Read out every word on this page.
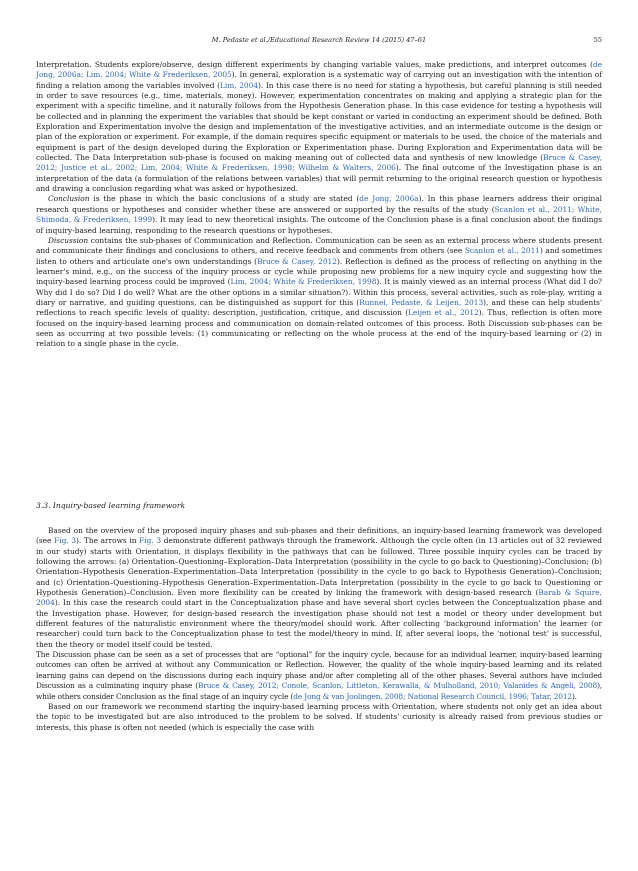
M. Pedaste et al./Educational Research Review 14 (2015) 47–61	55

Interpretation. Students explore/observe, design different experiments by changing variable values, make predictions, and interpret outcomes (de Jong, 2006a; Lim, 2004; White & Frederiksen, 2005). In general, exploration is a systematic way of carrying out an investigation with the intention of finding a relation among the variables involved (Lim, 2004). In this case there is no need for stating a hypothesis, but careful planning is still needed in order to save resources (e.g., time, materials, money). However, experimentation concentrates on making and applying a strategic plan for the experiment with a specific timeline, and it naturally follows from the Hypothesis Generation phase. In this case evidence for testing a hypothesis will be collected and in planning the experiment the variables that should be kept constant or varied in conducting an experiment should be defined. Both Exploration and Experimentation involve the design and implementation of the investigative activities, and an intermediate outcome is the design or plan of the exploration or experiment. For example, if the domain requires specific equipment or materials to be used, the choice of the materials and equipment is part of the design developed during the Exploration or Experimentation phase. During Exploration and Experimentation data will be collected. The Data Interpretation sub-phase is focused on making meaning out of collected data and synthesis of new knowledge (Bruce & Casey, 2012; Justice et al., 2002; Lim, 2004; White & Frederiksen, 1998; Wilhelm & Walters, 2006). The final outcome of the Investigation phase is an interpretation of the data (a formulation of the relations between variables) that will permit returning to the original research question or hypothesis and drawing a conclusion regarding what was asked or hypothesized.

Conclusion is the phase in which the basic conclusions of a study are stated (de Jong, 2006a). In this phase learners address their original research questions or hypotheses and consider whether these are answered or supported by the results of the study (Scanlon et al., 2011; White, Shimoda, & Frederiksen, 1999). It may lead to new theoretical insights. The outcome of the Conclusion phase is a final conclusion about the findings of inquiry-based learning, responding to the research questions or hypotheses.

Discussion contains the sub-phases of Communication and Reflection. Communication can be seen as an external process where students present and communicate their findings and conclusions to others, and receive feedback and comments from others (see Scanlon et al., 2011) and sometimes listen to others and articulate one's own understandings (Bruce & Casey, 2012). Reflection is defined as the process of reflecting on anything in the learner's mind, e.g., on the success of the inquiry process or cycle while proposing new problems for a new inquiry cycle and suggesting how the inquiry-based learning process could be improved (Lim, 2004; White & Frederiksen, 1998). It is mainly viewed as an internal process (What did I do? Why did I do so? Did I do well? What are the other options in a similar situation?). Within this process, several activities, such as role-play, writing a diary or narrative, and guiding questions, can be distinguished as support for this (Runnel, Pedaste, & Leijen, 2013), and these can help students' reflections to reach specific levels of quality: description, justification, critique, and discussion (Leijen et al., 2012). Thus, reflection is often more focused on the inquiry-based learning process and communication on domain-related outcomes of this process. Both Discussion sub-phases can be seen as occurring at two possible levels: (1) communicating or reflecting on the whole process at the end of the inquiry-based learning or (2) in relation to a single phase in the cycle.

3.3. Inquiry-based learning framework

Based on the overview of the proposed inquiry phases and sub-phases and their definitions, an inquiry-based learning framework was developed (see Fig. 3). The arrows in Fig. 3 demonstrate different pathways through the framework. Although the cycle often (in 13 articles out of 32 reviewed in our study) starts with Orientation, it displays flexibility in the pathways that can be followed. Three possible inquiry cycles can be traced by following the arrows: (a) Orientation–Questioning–Exploration–Data Interpretation (possibility in the cycle to go back to Questioning)–Conclusion; (b) Orientation–Hypothesis Generation–Experimentation–Data Interpretation (possibility in the cycle to go back to Hypothesis Generation)–Conclusion; and (c) Orientation–Questioning–Hypothesis Generation–Experimentation–Data Interpretation (possibility in the cycle to go back to Questioning or Hypothesis Generation)–Conclusion. Even more flexibility can be created by linking the framework with design-based research (Barab & Squire, 2004). In this case the research could start in the Conceptualization phase and have several short cycles between the Conceptualization phase and the Investigation phase. However, for design-based research the investigation phase should not test a model or theory under development but different features of the naturalistic environment where the theory/model should work. After collecting ‘background information’ the learner (or researcher) could turn back to the Conceptualization phase to test the model/theory in mind. If, after several loops, the ‘notional test’ is successful, then the theory or model itself could be tested.

The Discussion phase can be seen as a set of processes that are “optional” for the inquiry cycle, because for an individual learner, inquiry-based learning outcomes can often be arrived at without any Communication or Reflection. However, the quality of the whole inquiry-based learning and its related learning gains can depend on the discussions during each inquiry phase and/or after completing all of the other phases. Several authors have included Discussion as a culminating inquiry phase (Bruce & Casey, 2012; Conole, Scanlon, Littleton, Kerawalla, & Mulholland, 2010; Valanides & Angeli, 2008), while others consider Conclusion as the final stage of an inquiry cycle (de Jong & van Joolingen, 2008; National Research Council, 1996; Tatar, 2012).

Based on our framework we recommend starting the inquiry-based learning process with Orientation, where students not only get an idea about the topic to be investigated but are also introduced to the problem to be solved. If students' curiosity is already raised from previous studies or interests, this phase is often not needed (which is especially the case with
